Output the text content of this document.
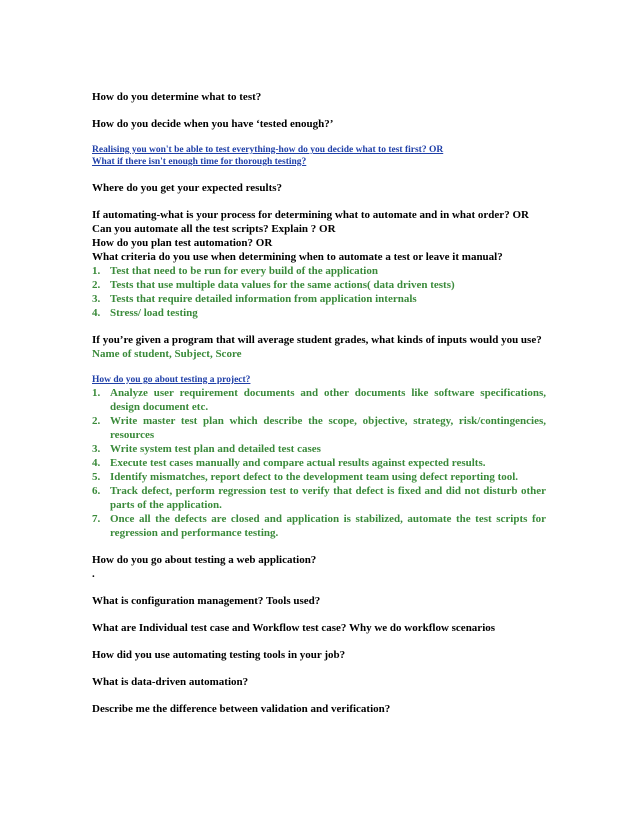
How do you determine what to test?

How do you decide when you have ‘tested enough?’

Realising you won't be able to test everything-how do you decide what to test first? OR

What if there isn't enough time for thorough testing?

Where do you get your expected results?

If automating-what is your process for determining what to automate and in what order? OR

Can you automate all the test scripts? Explain ? OR

How do you plan test automation? OR

What criteria do you use when determining when to automate a test or leave it manual?

1. Test that need to be run for every build of the application
2. Tests that use multiple data values for the same actions( data driven tests)
3. Tests that require detailed information from application internals
4. Stress/ load testing

If you’re given a program that will average student grades, what kinds of inputs would you use?

Name of student, Subject, Score

How do you go about testing a project?

1. Analyze user requirement documents and other documents like software specifications, design document etc.
2. Write master test plan which describe the scope, objective, strategy, risk/contingencies, resources
3. Write system test plan and detailed test cases
4. Execute test cases manually and compare actual results against expected results.
5. Identify mismatches, report defect to the development team using defect reporting tool.
6. Track defect, perform regression test to verify that defect is fixed and did not disturb other parts of the application.
7. Once all the defects are closed and application is stabilized, automate the test scripts for regression and performance testing.

How do you go about testing a web application?

.

What is configuration management? Tools used?

What are Individual test case and Workflow test case? Why we do workflow scenarios

How did you use automating testing tools in your job?

What is data-driven automation?

Describe me the difference between validation and verification?
